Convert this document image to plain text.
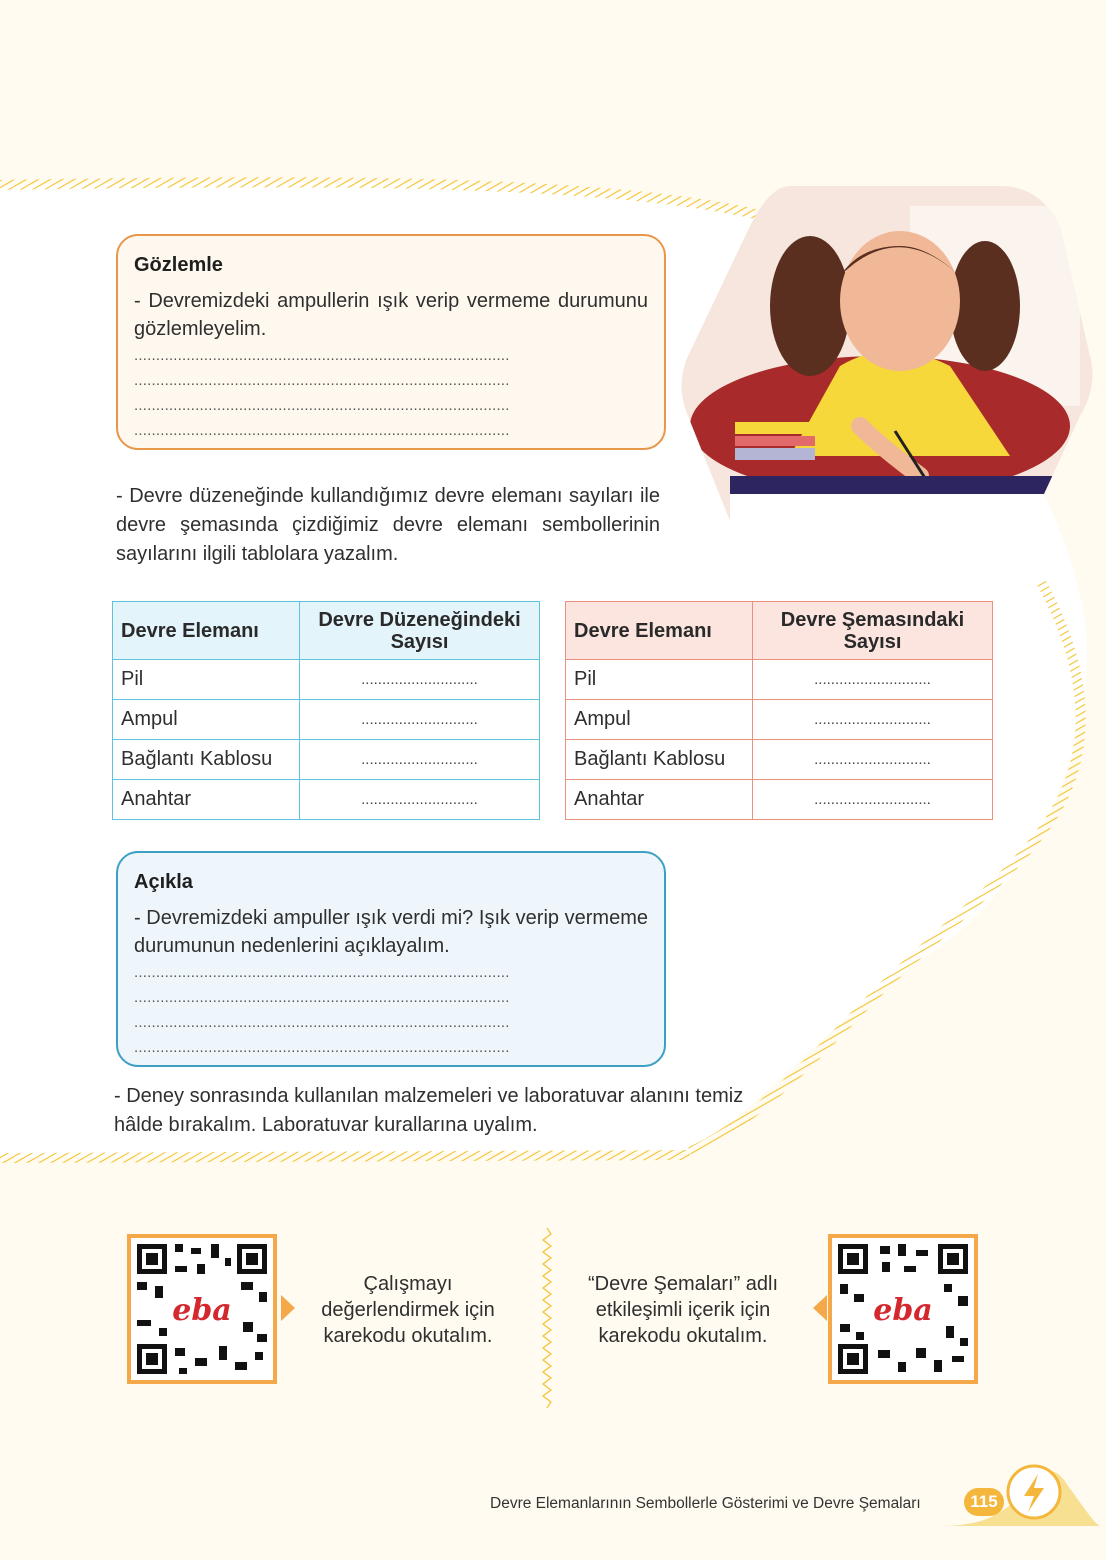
Gözlemle
- Devremizdeki ampullerin ışık verip vermeme durumunu gözlemleyelim.
......................................................................................
......................................................................................
......................................................................................
......................................................................................
- Devre düzeneğinde kullandığımız devre elemanı sayıları ile devre şemasında çizdiğimiz devre elemanı sembollerinin sayılarını ilgili tablolara yazalım.
Devre Elemanı	Devre Düzeneğindeki Sayısı
Pil	............................
Ampul	............................
Bağlantı Kablosu	............................
Anahtar	............................
Devre Elemanı	Devre Şemasındaki Sayısı
Pil	............................
Ampul	............................
Bağlantı Kablosu	............................
Anahtar	............................
Açıkla
- Devremizdeki ampuller ışık verdi mi? Işık verip vermeme durumunun nedenlerini açıklayalım.
......................................................................................
......................................................................................
......................................................................................
......................................................................................
- Deney sonrasında kullanılan malzemeleri ve laboratuvar alanını temiz hâlde bırakalım. Laboratuvar kurallarına uyalım.
eba
Çalışmayı değerlendirmek için karekodu okutalım.
“Devre Şemaları” adlı etkileşimli içerik için karekodu okutalım.
eba
Devre Elemanlarının Sembollerle Gösterimi ve Devre Şemaları	115
